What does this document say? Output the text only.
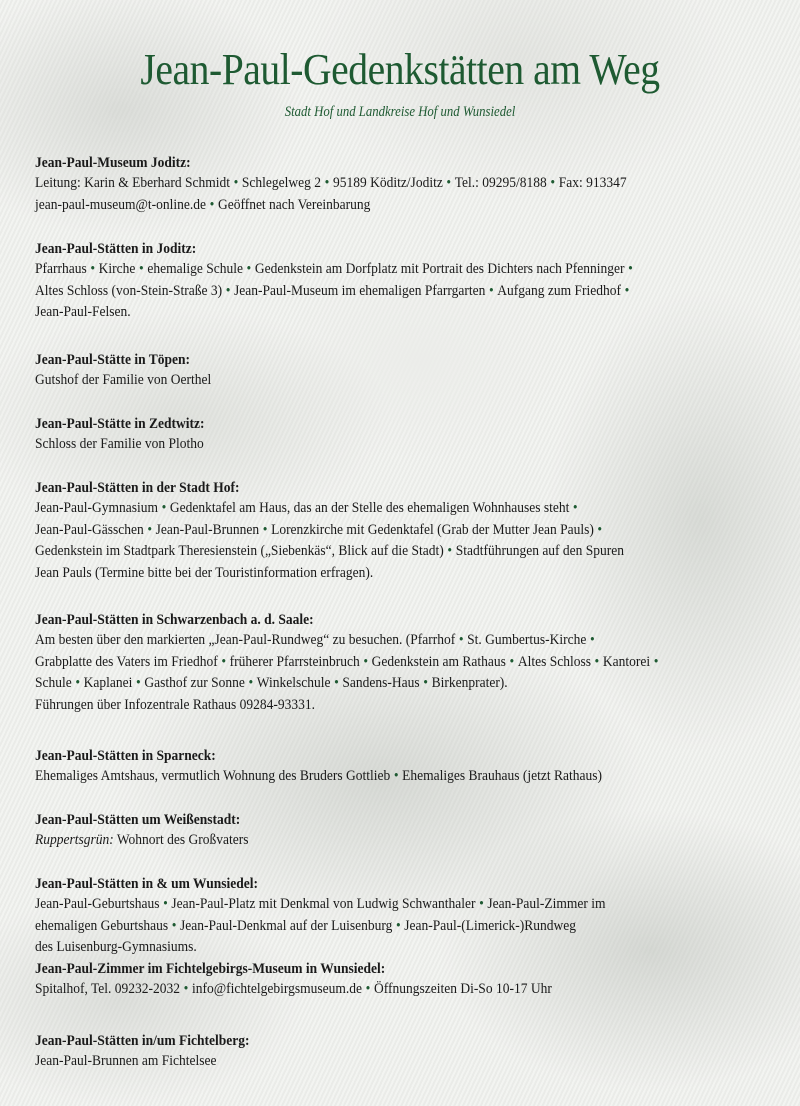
Jean-Paul-Gedenkstätten am Weg

Stadt Hof und Landkreise Hof und Wunsiedel

Jean-Paul-Museum Joditz:

Leitung: Karin & Eberhard Schmidt • Schlegelweg 2 • 95189 Köditz/Joditz • Tel.: 09295/8188 • Fax: 913347

jean-paul-museum@t-online.de • Geöffnet nach Vereinbarung

Jean-Paul-Stätten in Joditz:

Pfarrhaus • Kirche • ehemalige Schule • Gedenkstein am Dorfplatz mit Portrait des Dichters nach Pfenninger •

Altes Schloss (von-Stein-Straße 3) • Jean-Paul-Museum im ehemaligen Pfarrgarten • Aufgang zum Friedhof •

Jean-Paul-Felsen.

Jean-Paul-Stätte in Töpen:

Gutshof der Familie von Oerthel

Jean-Paul-Stätte in Zedtwitz:

Schloss der Familie von Plotho

Jean-Paul-Stätten in der Stadt Hof:

Jean-Paul-Gymnasium • Gedenktafel am Haus, das an der Stelle des ehemaligen Wohnhauses steht •

Jean-Paul-Gässchen • Jean-Paul-Brunnen • Lorenzkirche mit Gedenktafel (Grab der Mutter Jean Pauls) •

Gedenkstein im Stadtpark Theresienstein („Siebenkäs“, Blick auf die Stadt) • Stadtführungen auf den Spuren

Jean Pauls (Termine bitte bei der Touristinformation erfragen).

Jean-Paul-Stätten in Schwarzenbach a. d. Saale:

Am besten über den markierten „Jean-Paul-Rundweg“ zu besuchen. (Pfarrhof • St. Gumbertus-Kirche •

Grabplatte des Vaters im Friedhof • früherer Pfarrsteinbruch • Gedenkstein am Rathaus • Altes Schloss • Kantorei •

Schule • Kaplanei • Gasthof zur Sonne • Winkelschule • Sandens-Haus • Birkenprater).

Führungen über Infozentrale Rathaus 09284-93331.

Jean-Paul-Stätten in Sparneck:

Ehemaliges Amtshaus, vermutlich Wohnung des Bruders Gottlieb • Ehemaliges Brauhaus (jetzt Rathaus)

Jean-Paul-Stätten um Weißenstadt:

Ruppertsgrün: Wohnort des Großvaters

Jean-Paul-Stätten in & um Wunsiedel:

Jean-Paul-Geburtshaus • Jean-Paul-Platz mit Denkmal von Ludwig Schwanthaler • Jean-Paul-Zimmer im

ehemaligen Geburtshaus • Jean-Paul-Denkmal auf der Luisenburg • Jean-Paul-(Limerick-)Rundweg

des Luisenburg-Gymnasiums.

Jean-Paul-Zimmer im Fichtelgebirgs-Museum in Wunsiedel:

Spitalhof, Tel. 09232-2032 • info@fichtelgebirgsmuseum.de • Öffnungszeiten Di-So 10-17 Uhr

Jean-Paul-Stätten in/um Fichtelberg:

Jean-Paul-Brunnen am Fichtelsee
